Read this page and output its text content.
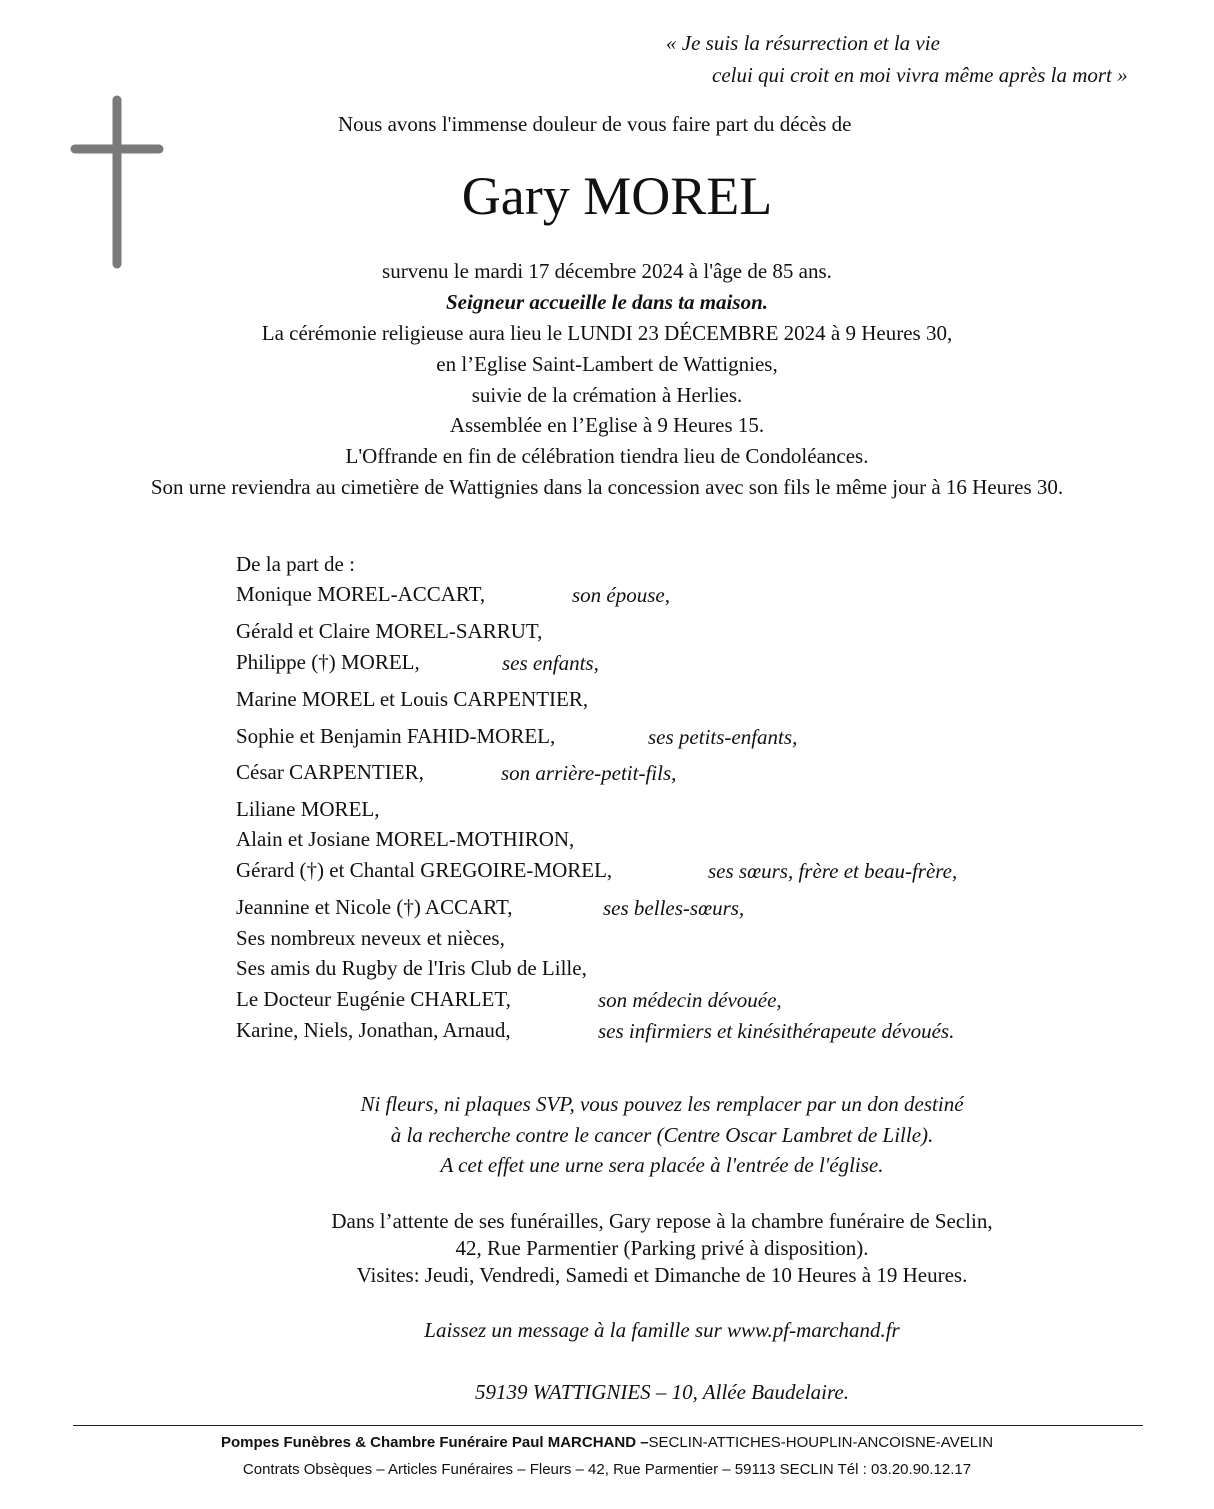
« Je suis la résurrection et la vie
celui qui croit en moi vivra même après la mort »
Nous avons l'immense douleur de vous faire part du décès de
Gary MOREL
survenu le mardi 17 décembre 2024 à l'âge de 85 ans.
Seigneur accueille le dans ta maison.
La cérémonie religieuse aura lieu le LUNDI 23 DÉCEMBRE 2024 à 9 Heures 30,
en l’Eglise Saint-Lambert de Wattignies,
suivie de la crémation à Herlies.
Assemblée en l’Eglise à 9 Heures 15.
L'Offrande en fin de célébration tiendra lieu de Condoléances.
Son urne reviendra au cimetière de Wattignies dans la concession avec son fils le même jour à 16 Heures 30.
De la part de :
Monique MOREL-ACCART,	son épouse,
Gérald et Claire MOREL-SARRUT,
Philippe (†) MOREL,	ses enfants,
Marine MOREL et Louis CARPENTIER,
Sophie et Benjamin FAHID-MOREL,	ses petits-enfants,
César CARPENTIER,	son arrière-petit-fils,
Liliane MOREL,
Alain et Josiane MOREL-MOTHIRON,
Gérard (†) et Chantal GREGOIRE-MOREL,	ses sœurs, frère et beau-frère,
Jeannine et Nicole (†) ACCART,	ses belles-sœurs,
Ses nombreux neveux et nièces,
Ses amis du Rugby de l'Iris Club de Lille,
Le Docteur Eugénie CHARLET,	son médecin dévouée,
Karine, Niels, Jonathan, Arnaud,	ses infirmiers et kinésithérapeute dévoués.
Ni fleurs, ni plaques SVP, vous pouvez les remplacer par un don destiné
à la recherche contre le cancer (Centre Oscar Lambret de Lille).
A cet effet une urne sera placée à l'entrée de l'église.
Dans l’attente de ses funérailles, Gary repose à la chambre funéraire de Seclin,
42, Rue Parmentier (Parking privé à disposition).
Visites: Jeudi, Vendredi, Samedi et Dimanche de 10 Heures à 19 Heures.
Laissez un message à la famille sur www.pf-marchand.fr
59139 WATTIGNIES – 10, Allée Baudelaire.
Pompes Funèbres & Chambre Funéraire Paul MARCHAND –SECLIN-ATTICHES-HOUPLIN-ANCOISNE-AVELIN
Contrats Obsèques – Articles Funéraires – Fleurs – 42, Rue Parmentier – 59113 SECLIN Tél : 03.20.90.12.17
